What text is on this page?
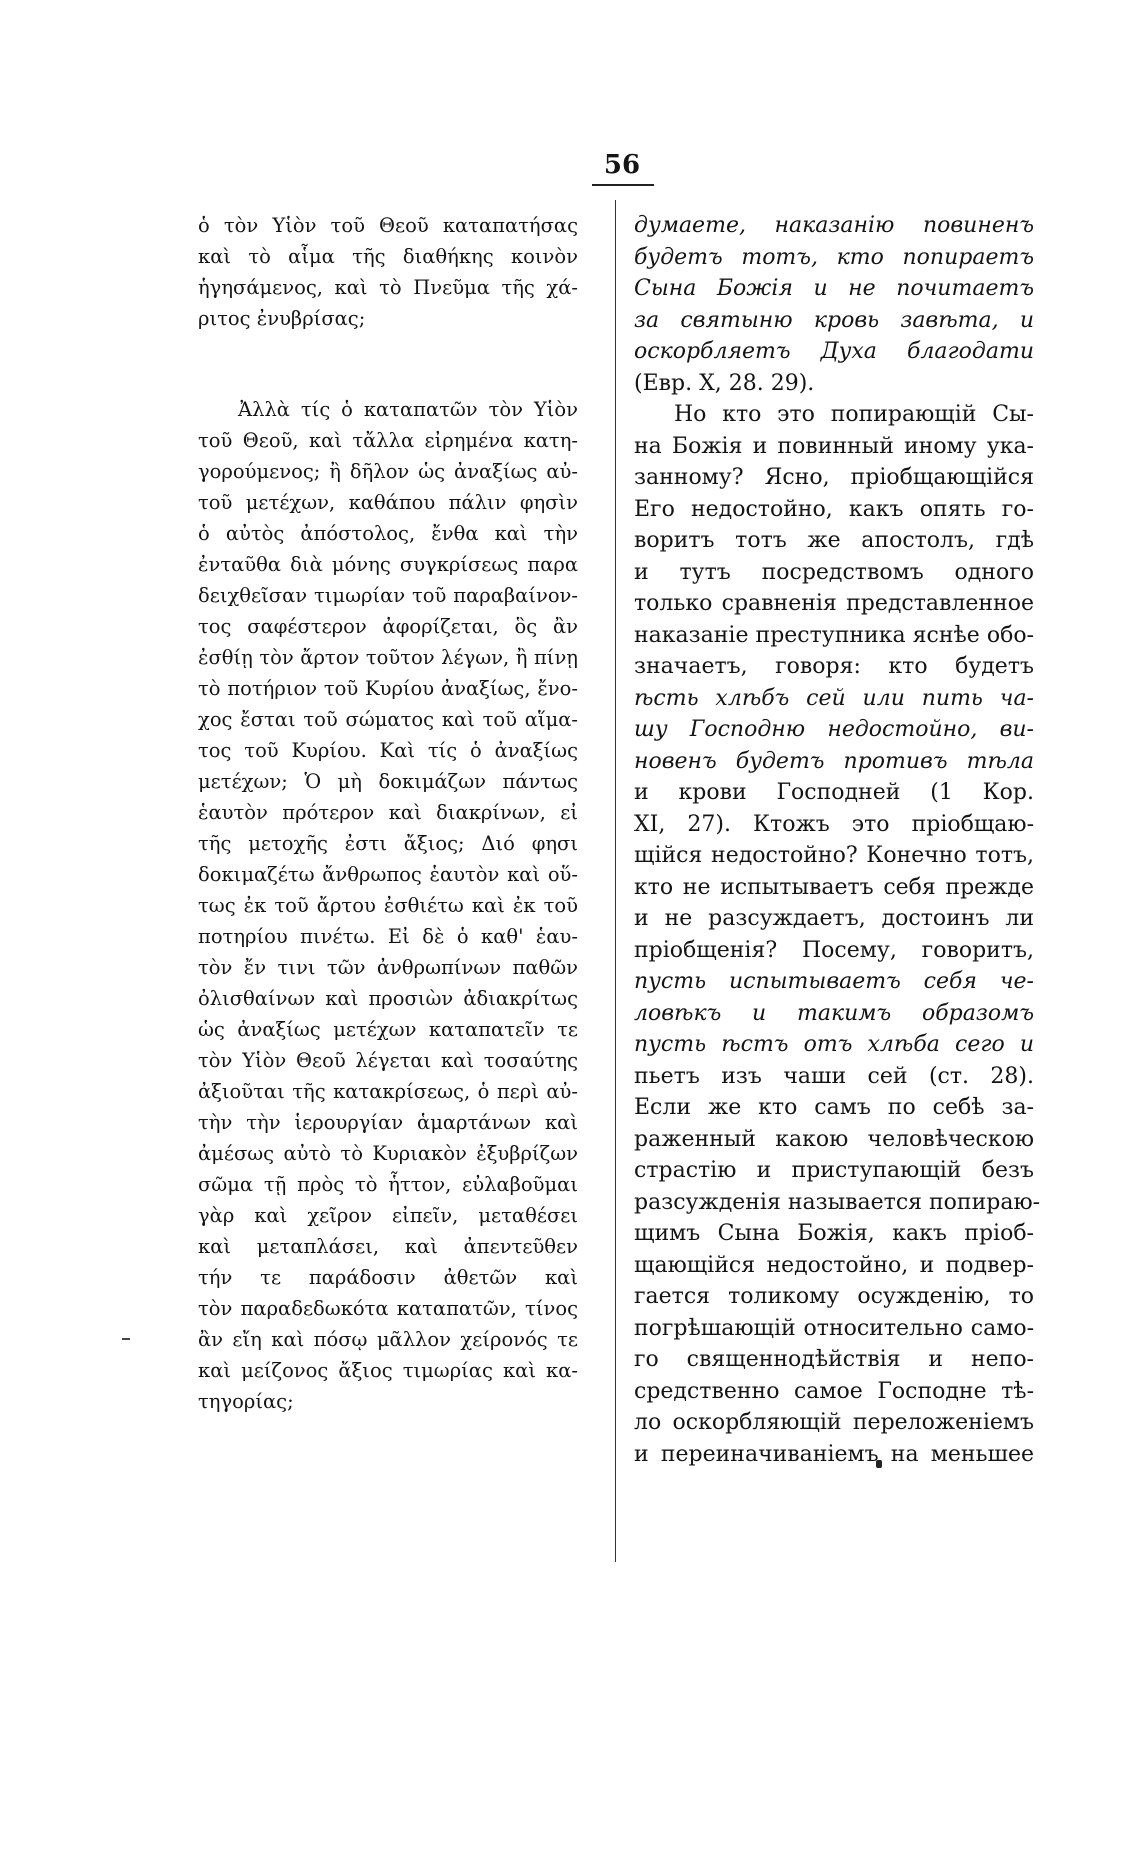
56
ὁ τὸν Υἱὸν τοῦ Θεοῦ καταπατήσας
καὶ τὸ αἷμα τῆς διαθήκης κοινὸν
ἡγησάμενος, καὶ τὸ Πνεῦμα τῆς χά-
ριτος ἐνυβρίσας;
Ἀλλὰ τίς ὁ καταπατῶν τὸν Υἱὸν
τοῦ Θεοῦ, καὶ τἄλλα εἰρημένα κατη-
γορούμενος; ἢ δῆλον ὡς ἀναξίως αὐ-
τοῦ μετέχων, καθάπου πάλιν φησὶν
ὁ αὐτὸς ἀπόστολος, ἔνθα καὶ τὴν
ἐνταῦθα διὰ μόνης συγκρίσεως παρα
δειχθεῖσαν τιμωρίαν τοῦ παραβαίνον-
τος σαφέστερον ἀφορίζεται, ὃς ἂν
ἐσθίῃ τὸν ἄρτον τοῦτον λέγων, ἢ πίνῃ
τὸ ποτήριον τοῦ Κυρίου ἀναξίως, ἔνο-
χος ἔσται τοῦ σώματος καὶ τοῦ αἵμα-
τος τοῦ Κυρίου. Καὶ τίς ὁ ἀναξίως
μετέχων; Ὁ μὴ δοκιμάζων πάντως
ἑαυτὸν πρότερον καὶ διακρίνων, εἰ
τῆς μετοχῆς ἐστι ἄξιος; Διό φησι
δοκιμαζέτω ἄνθρωπος ἑαυτὸν καὶ οὕ-
τως ἐκ τοῦ ἄρτου ἐσθιέτω καὶ ἐκ τοῦ
ποτηρίου πινέτω. Εἰ δὲ ὁ καθ' ἑαυ-
τὸν ἔν τινι τῶν ἀνθρωπίνων παθῶν
ὀλισθαίνων καὶ προσιὼν ἀδιακρίτως
ὡς ἀναξίως μετέχων καταπατεῖν τε
τὸν Υἱὸν Θεοῦ λέγεται καὶ τοσαύτης
ἀξιοῦται τῆς κατακρίσεως, ὁ περὶ αὐ-
τὴν τὴν ἱερουργίαν ἁμαρτάνων καὶ
ἀμέσως αὐτὸ τὸ Κυριακὸν ἐξυβρίζων
σῶμα τῇ πρὸς τὸ ἧττον, εὐλαβοῦμαι
γὰρ καὶ χεῖρον εἰπεῖν, μεταθέσει
καὶ μεταπλάσει, καὶ ἀπεντεῦθεν
τήν τε παράδοσιν ἀθετῶν καὶ
τὸν παραδεδωκότα καταπατῶν, τίνος
ἂν εἴη καὶ πόσῳ μᾶλλον χείρονός τε
καὶ μείζονος ἄξιος τιμωρίας καὶ κα-
τηγορίας;
думаете, наказанію повиненъ
будетъ тотъ, кто попираетъ
Сына Божія и не почитаетъ
за святыню кровь завѣта, и
оскорбляетъ Духа благодати
(Евр. X, 28. 29).
Но кто это попирающій Сы-
на Божія и повинный иному ука-
занному? Ясно, пріобщающійся
Его недостойно, какъ опять го-
воритъ тотъ же апостолъ, гдѣ
и тутъ посредствомъ одного
только сравненія представленное
наказаніе преступника яснѣе обо-
значаетъ, говоря: кто будетъ
ѣсть хлѣбъ сей или пить ча-
шу Господню недостойно, ви-
новенъ будетъ противъ тѣла
и крови Господней (1 Кор.
XI, 27). Ктожъ это пріобщаю-
щійся недостойно? Конечно тотъ,
кто не испытываетъ себя прежде
и не разсуждаетъ, достоинъ ли
пріобщенія? Посему, говоритъ,
пусть испытываетъ себя че-
ловѣкъ и такимъ образомъ
пусть ѣстъ отъ хлѣба сего и
пьетъ изъ чаши сей (ст. 28).
Если же кто самъ по себѣ за-
раженный какою человѣческою
страстію и приступающій безъ
разсужденія называется попираю-
щимъ Сына Божія, какъ пріоб-
щающійся недостойно, и подвер-
гается толикому осужденію, то
погрѣшающій относительно само-
го священнодѣйствія и непо-
средственно самое Господне тѣ-
ло оскорбляющій переложеніемъ
и переиначиваніемъ на меньшее
